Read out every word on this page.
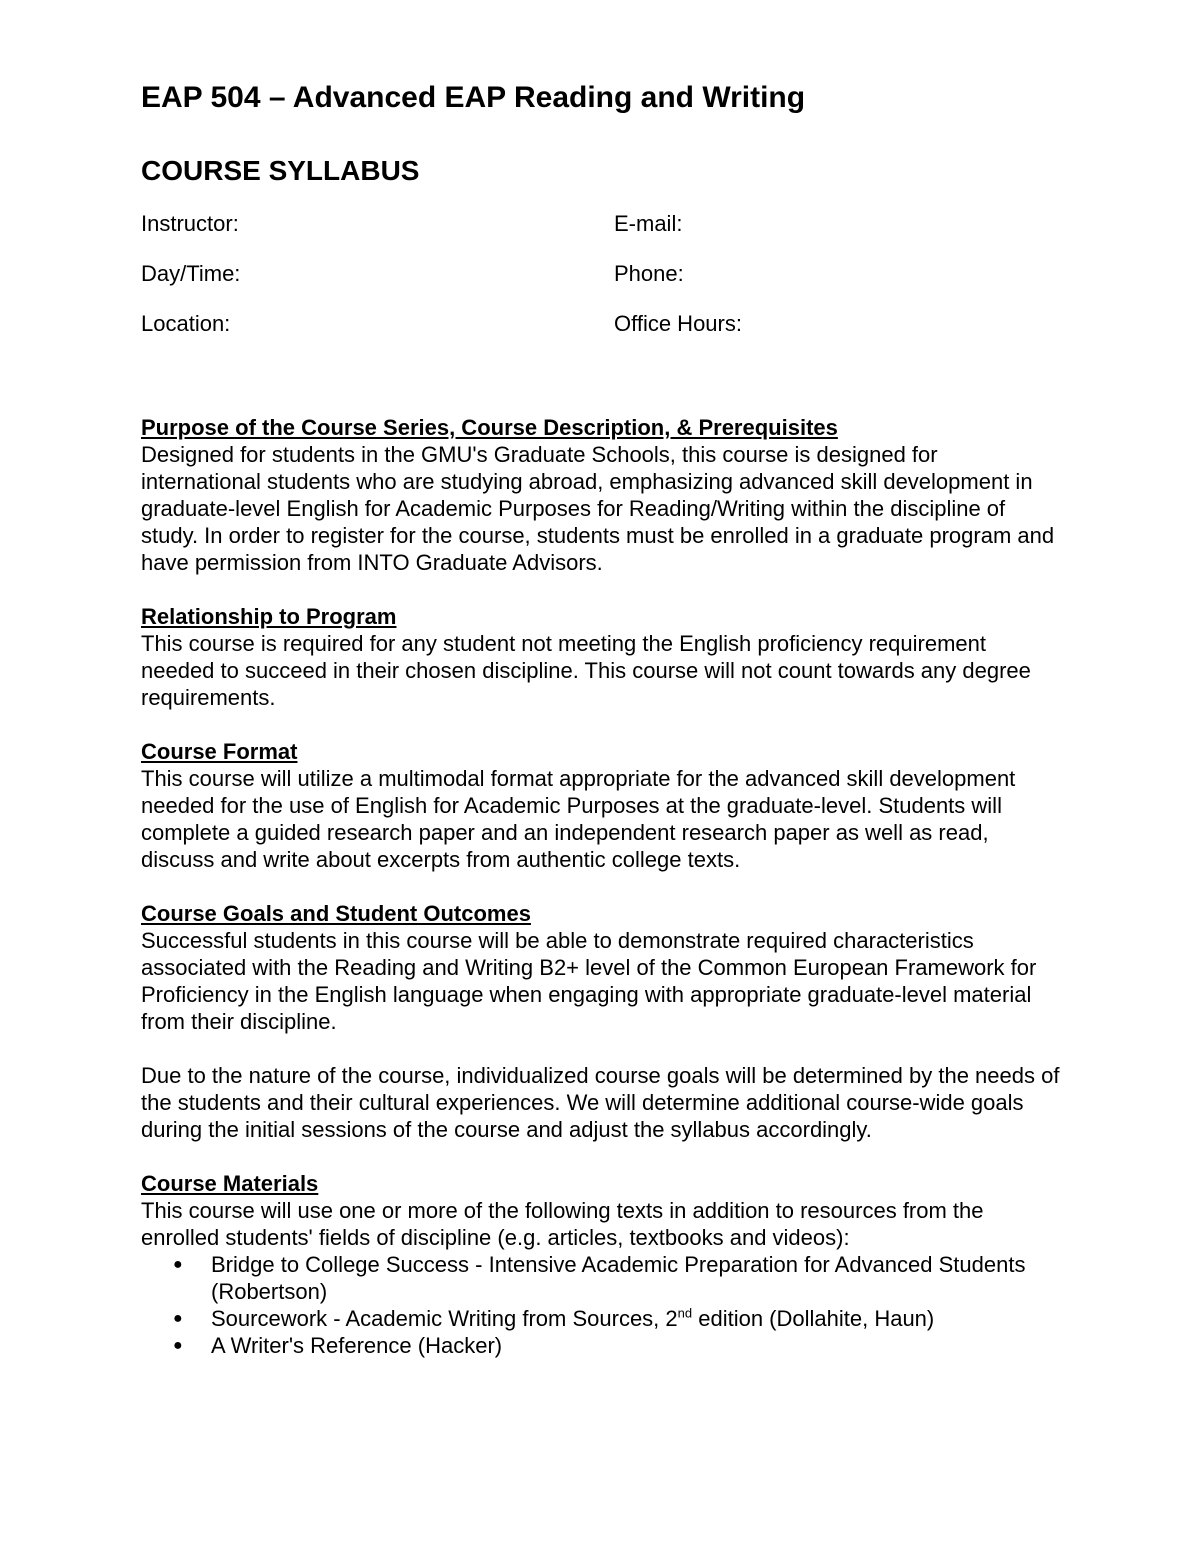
EAP 504 – Advanced EAP Reading and Writing
COURSE SYLLABUS
Instructor:	E-mail:
Day/Time:	Phone:
Location:	Office Hours:

Purpose of the Course Series, Course Description, & Prerequisites

Designed for students in the GMU's Graduate Schools, this course is designed for international students who are studying abroad, emphasizing advanced skill development in graduate-level English for Academic Purposes for Reading/Writing within the discipline of study. In order to register for the course, students must be enrolled in a graduate program and have permission from INTO Graduate Advisors.

Relationship to Program

This course is required for any student not meeting the English proficiency requirement needed to succeed in their chosen discipline. This course will not count towards any degree requirements.

Course Format

This course will utilize a multimodal format appropriate for the advanced skill development needed for the use of English for Academic Purposes at the graduate-level. Students will complete a guided research paper and an independent research paper as well as read, discuss and write about excerpts from authentic college texts.

Course Goals and Student Outcomes

Successful students in this course will be able to demonstrate required characteristics associated with the Reading and Writing B2+ level of the Common European Framework for Proficiency in the English language when engaging with appropriate graduate-level material from their discipline.

Due to the nature of the course, individualized course goals will be determined by the needs of the students and their cultural experiences. We will determine additional course-wide goals during the initial sessions of the course and adjust the syllabus accordingly.

Course Materials

This course will use one or more of the following texts in addition to resources from the enrolled students' fields of discipline (e.g. articles, textbooks and videos):

● Bridge to College Success - Intensive Academic Preparation for Advanced Students (Robertson)
● Sourcework - Academic Writing from Sources, 2nd edition (Dollahite, Haun)
● A Writer's Reference (Hacker)
